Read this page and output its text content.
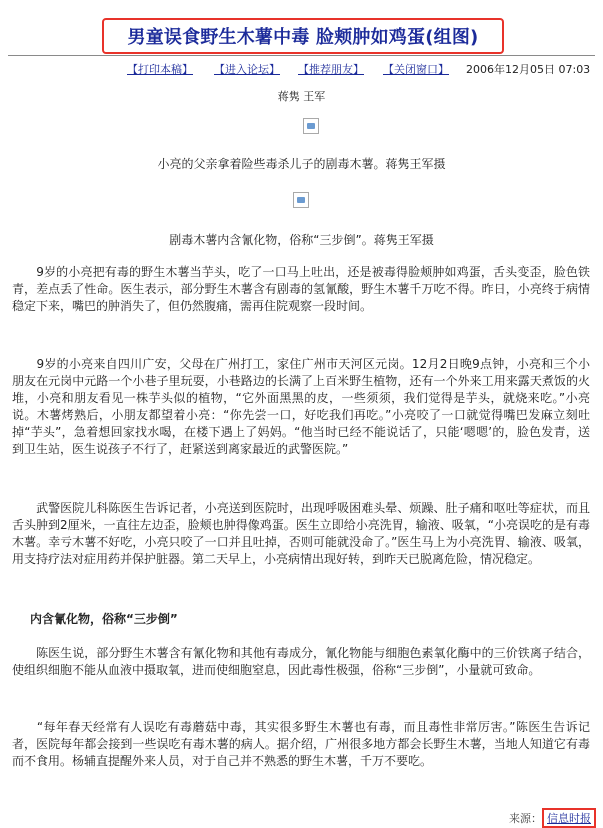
男童误食野生木薯中毒 脸颊肿如鸡蛋(组图)
【打印本稿】 【进入论坛】 【推荐朋友】 【关闭窗口】 2006年12月05日 07:03
蒋隽 王军
小亮的父亲拿着险些毒杀儿子的剧毒木薯。蒋隽王军摄
剧毒木薯内含氰化物，俗称“三步倒”。蒋隽王军摄
　　9岁的小亮把有毒的野生木薯当芋头，吃了一口马上吐出，还是被毒得脸颊肿如鸡蛋，舌头变歪，脸色铁青，差点丢了性命。医生表示，部分野生木薯含有剧毒的氢氰酸，野生木薯千万吃不得。昨日，小亮终于病情稳定下来，嘴巴的肿消失了，但仍然腹痛，需再住院观察一段时间。
　　9岁的小亮来自四川广安，父母在广州打工，家住广州市天河区元岗。12月2日晚9点钟，小亮和三个小朋友在元岗中元路一个小巷子里玩耍，小巷路边的长满了上百米野生植物，还有一个外来工用来露天煮饭的火堆，小亮和朋友看见一株芋头似的植物，“它外面黑黑的皮，一些须须，我们觉得是芋头，就烧来吃。”小亮说。木薯烤熟后，小朋友都望着小亮：“你先尝一口，好吃我们再吃。”小亮咬了一口就觉得嘴巴发麻立刻吐掉“芋头”，急着想回家找水喝，在楼下遇上了妈妈。“他当时已经不能说话了，只能‘嗯嗯’的，脸色发青，送到卫生站，医生说孩子不行了，赶紧送到离家最近的武警医院。”
　　武警医院儿科陈医生告诉记者，小亮送到医院时，出现呼吸困难头晕、烦躁、肚子痛和呕吐等症状，而且舌头肿到2厘米，一直往左边歪，脸颊也肿得像鸡蛋。医生立即给小亮洗胃，输液、吸氧，“小亮误吃的是有毒木薯。幸亏木薯不好吃，小亮只咬了一口并且吐掉，否则可能就没命了。”医生马上为小亮洗胃、输液、吸氧，用支持疗法对症用药并保护脏器。第二天早上，小亮病情出现好转，到昨天已脱离危险，情况稳定。
内含氰化物，俗称“三步倒”
　　陈医生说，部分野生木薯含有氰化物和其他有毒成分，氰化物能与细胞色素氧化酶中的三价铁离子结合，使组织细胞不能从血液中摄取氧，进而使细胞窒息，因此毒性极强，俗称“三步倒”，小量就可致命。
　　“每年春天经常有人误吃有毒蘑菇中毒，其实很多野生木薯也有毒，而且毒性非常厉害。”陈医生告诉记者，医院每年都会接到一些误吃有毒木薯的病人。据介绍，广州很多地方都会长野生木薯，当地人知道它有毒而不食用。杨辅直提醒外来人员，对于自己并不熟悉的野生木薯，千万不要吃。
来源： 信息时报
